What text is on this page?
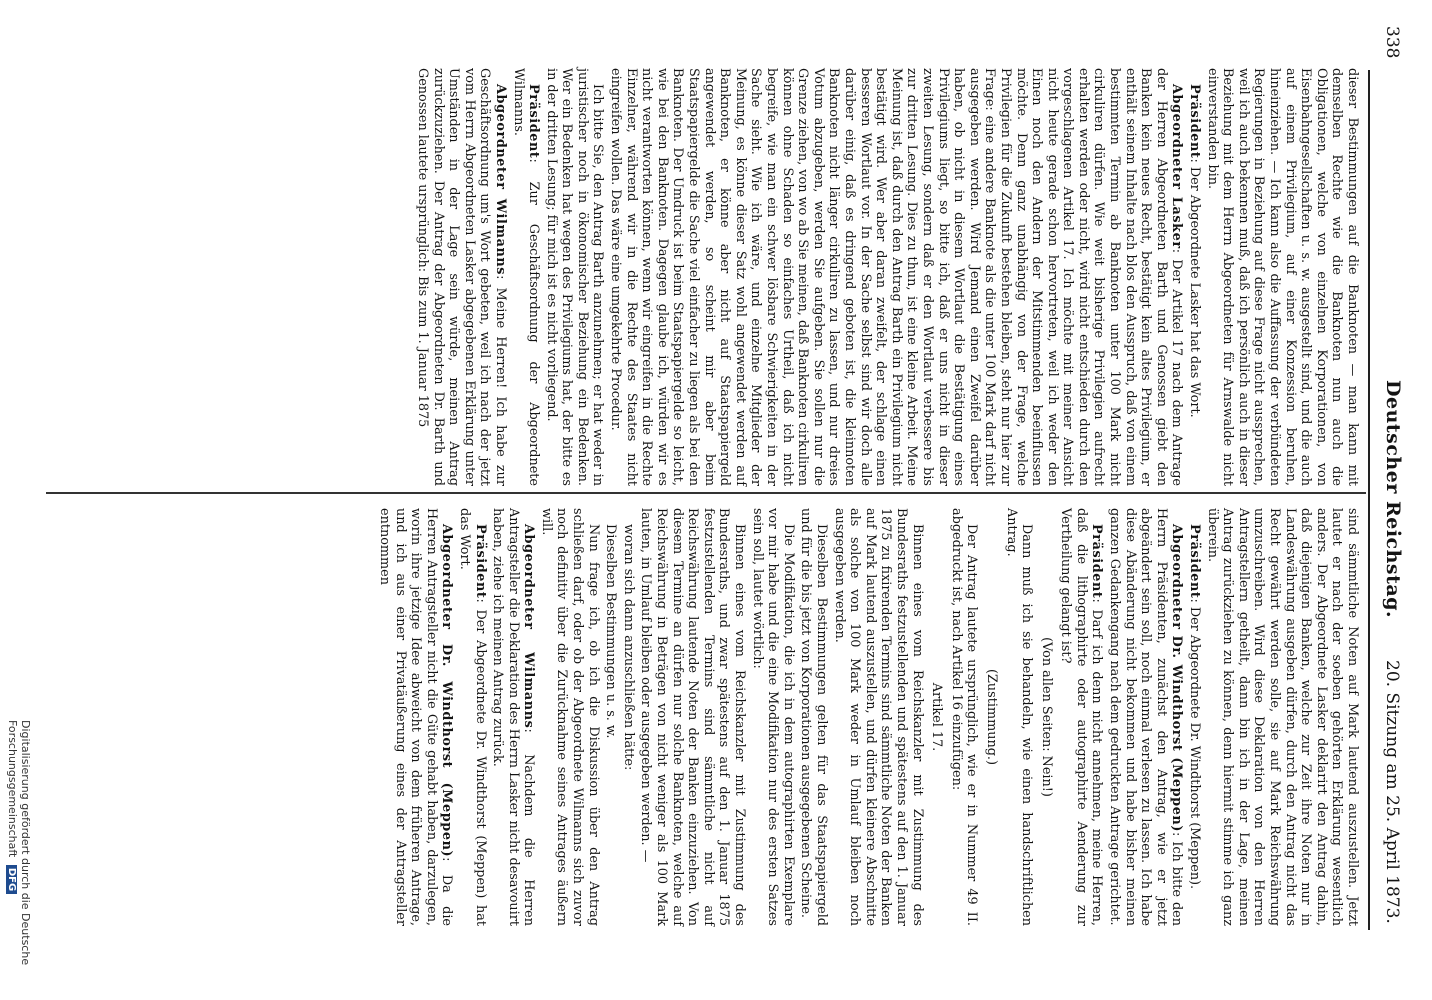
338
Deutscher Reichstag.
20. Sitzung am 25. April 1873.

dieser Bestimmungen auf die Banknoten — man kann mit demselben Rechte wie die Banknoten nun auch die Obligationen, welche von einzelnen Korporationen, von Eisenbahngesellschaften u. s. w. ausgestellt sind, und die auch auf einem Privilegium, auf einer Konzession beruhen, hineinziehen. — Ich kann also die Auffassung der verbündeten Regierungen in Beziehung auf diese Frage nicht aussprechen, weil ich auch bekennen muß, daß ich persönlich auch in dieser Beziehung mit dem Herrn Abgeordneten für Arnswalde nicht einverstanden bin.

Präsident: Der Abgeordnete Lasker hat das Wort.

Abgeordneter Lasker: Der Artikel 17 nach dem Antrage der Herren Abgeordneten Barth und Genossen giebt den Banken kein neues Recht, bestätigt kein altes Privilegium, er enthält seinem Inhalte nach blos den Ausspruch, daß von einem bestimmten Termin ab Banknoten unter 100 Mark nicht cirkuliren dürfen. Wie weit bisherige Privilegien aufrecht erhalten werden oder nicht, wird nicht entschieden durch den vorgeschlagenen Artikel 17. Ich möchte mit meiner Ansicht nicht heute gerade schon hervortreten, weil ich weder den Einen noch den Andern der Mitstimmenden beeinflussen möchte. Denn ganz unabhängig von der Frage, welche Privilegien für die Zukunft bestehen bleiben, steht nur hier zur Frage: eine andere Banknote als die unter 100 Mark darf nicht ausgegeben werden. Wird Jemand einen Zweifel darüber haben, ob nicht in diesem Wortlaut die Bestätigung eines Privilegiums liegt, so bitte ich, daß er uns nicht in dieser zweiten Lesung, sondern daß er den Wortlaut verbessere bis zur dritten Lesung. Dies zu thun, ist eine kleine Arbeit. Meine Meinung ist, daß durch den Antrag Barth ein Privilegium nicht bestätigt wird. Wer aber daran zweifelt, der schlage einen besseren Wortlaut vor. In der Sache selbst sind wir doch alle darüber einig, daß es dringend geboten ist, die kleinnoten Banknoten nicht länger cirkuliren zu lassen, und nur dreies Votum abzugeben, werden Sie aufgeben. Sie sollen nur die Grenze ziehen, von wo ab Sie meinen, daß Banknoten cirkuliren können ohne Schaden so einfaches Urtheil, daß ich nicht begreife, wie man ein schwer lösbare Schwierigkeiten in der Sache sieht. Wie ich wäre, und einzelne Mitglieder der Meinung, es könne dieser Satz wohl angewendet werden auf Banknoten, er könne aber nicht auf Staatspapiergeld angewendet werden, so scheint mir aber beim Staatspapiergelde die Sache viel einfacher zu liegen als bei den Banknoten. Der Umdruck ist beim Staatspapiergelde so leicht, wie bei den Banknoten. Dagegen glaube ich, würden wir es nicht verantworten können, wenn wir eingreifen in die Rechte Einzelner, während wir in die Rechte des Staates nicht eingreifen wollen. Das wäre eine umgekehrte Procedur.

Ich bitte Sie, den Antrag Barth anzunehmen; er hat weder in juristischer noch in ökonomischer Beziehung ein Bedenken. Wer ein Bedenken hat wegen des Privilegiums hat, der bitte es in der dritten Lesung; für mich ist es nicht vorliegend.

Präsident: Zur Geschäftsordnung der Abgeordnete Wilmanns.

Abgeordneter Wilmanns: Meine Herren! Ich habe zur Geschäftsordnung um's Wort gebeten, weil ich nach der jetzt vom Herrn Abgeordneten Lasker abgegebenen Erklärung unter Umständen in der Lage sein würde, meinen Antrag zurückzuziehen. Der Antrag der Abgeordneten Dr. Barth und Genossen lautete ursprünglich: Bis zum 1. Januar 1875

sind sämmtliche Noten auf Mark lautend auszustellen. Jetzt lautet er nach der soeben gehörten Erklärung wesentlich anders. Der Abgeordnete Lasker deklarirt den Antrag dahin, daß diejenigen Banken, welche zur Zeit ihre Noten nur in Landeswährung ausgeben dürfen, durch den Antrag nicht das Recht gewährt werden solle, sie auf Mark Reichswährung umzuschreiben. Wird diese Deklaration von den Herren Antragstellern getheilt, dann bin ich in der Lage, meinen Antrag zurückziehen zu können, denn hiermit stimme ich ganz überein.

Präsident: Der Abgeordnete Dr. Windthorst (Meppen).

Abgeordneter Dr. Windthorst (Meppen): Ich bitte den Herrn Präsidenten, zunächst den Antrag, wie er jetzt abgeändert sein soll, noch einmal verlesen zu lassen. Ich habe diese Abänderung nicht bekommen und habe bisher meinen ganzen Gedankengang nach dem gedruckten Antrage gerichtet.

Präsident: Darf ich denn nicht annehmen, meine Herren, daß die lithographirte oder autographirte Aenderung zur Vertheilung gelangt ist?

(Von allen Seiten: Nein!)

Dann muß ich sie behandeln, wie einen handschriftlichen Antrag.

(Zustimmung.)

Der Antrag lautete ursprünglich, wie er in Nummer 49 II. abgedruckt ist, nach Artikel 16 einzufügen:

Artikel 17.

Binnen eines vom Reichskanzler mit Zustimmung des Bundesraths festzustellenden und spätestens auf den 1. Januar 1875 zu fixirenden Termins sind sämmtliche Noten der Banken auf Mark lautend auszustellen, und dürfen kleinere Abschnitte als solche von 100 Mark weder in Umlauf bleiben noch ausgegeben werden.

Dieselben Bestimmungen gelten für das Staatspapiergeld und für die bis jetzt von Korporationen ausgegebenen Scheine.

Die Modifikation, die ich in dem autographirten Exemplare vor mir habe und die eine Modifikation nur des ersten Satzes sein soll, lautet wörtlich:

Binnen eines vom Reichskanzler mit Zustimmung des Bundesraths, und zwar spätestens auf den 1. Januar 1875 festzustellenden Termins sind sämmtliche nicht auf Reichswährung lautende Noten der Banken einzuziehen. Von diesem Termine an dürfen nur solche Banknoten, welche auf Reichswährung in Beträgen von nicht weniger als 100 Mark lauten, in Umlauf bleiben oder ausgegeben werden. —

woran sich dann anzuschließen hätte:

Dieselben Bestimmungen u. s. w.

Nun frage ich, ob ich die Diskussion über den Antrag schließen darf, oder ob der Abgeordnete Wilmanns sich zuvor noch definitiv über die Zurücknahme seines Antrages äußern will.

Abgeordneter Wilmanns: Nachdem die Herren Antragsteller die Deklaration des Herrn Lasker nicht desavouirt haben, ziehe ich meinen Antrag zurück.

Präsident: Der Abgeordnete Dr. Windthorst (Meppen) hat das Wort.

Abgeordneter Dr. Windthorst (Meppen): Da die Herren Antragsteller nicht die Güte gehabt haben, darzulegen, worin ihre jetzige Idee abweicht von dem früheren Antrage, und ich aus einer Privatäußerung eines der Antragsteller entnommen

Digitalisierung gefördert durch die Deutsche Forschungsgemeinschaft DFG
